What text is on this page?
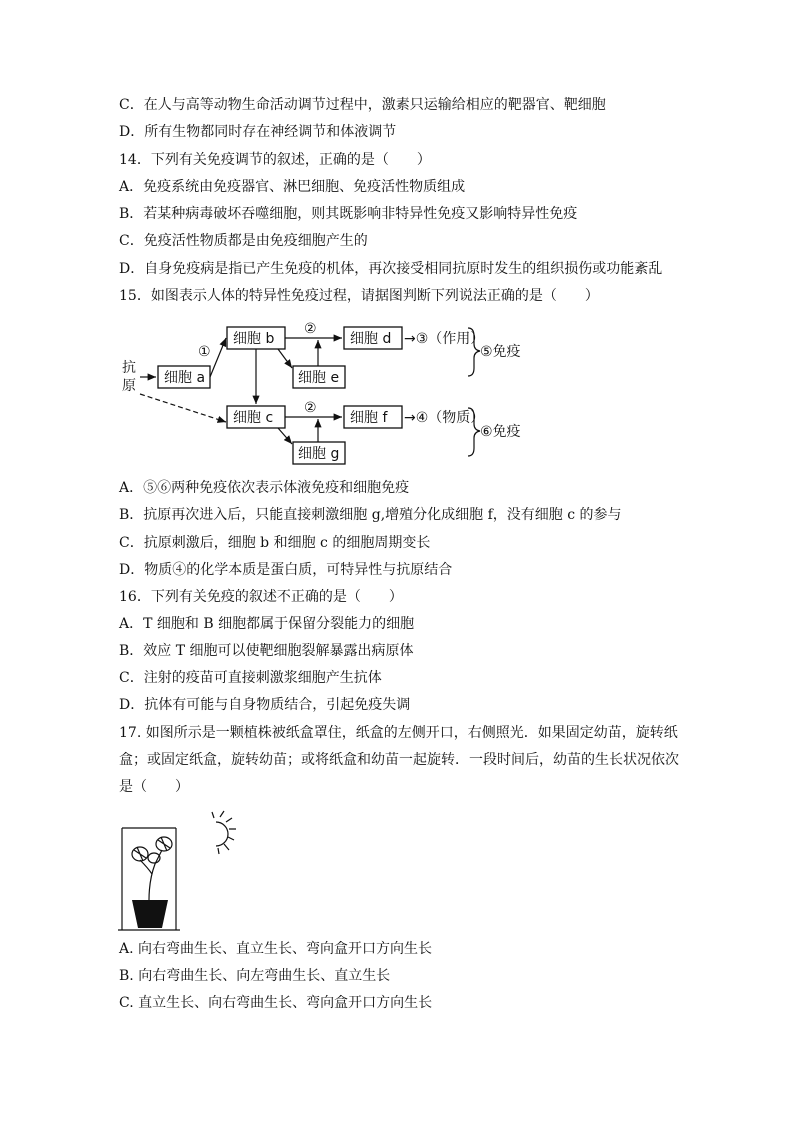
C．在人与高等动物生命活动调节过程中，激素只运输给相应的靶器官、靶细胞
D．所有生物都同时存在神经调节和体液调节
14．下列有关免疫调节的叙述，正确的是（　　）
A．免疫系统由免疫器官、淋巴细胞、免疫活性物质组成
B．若某种病毒破坏吞噬细胞，则其既影响非特异性免疫又影响特异性免疫
C．免疫活性物质都是由免疫细胞产生的
D．自身免疫病是指已产生免疫的机体，再次接受相同抗原时发生的组织损伤或功能紊乱
15．如图表示人体的特异性免疫过程，请据图判断下列说法正确的是（　　）
抗
原 细胞 a
①
细胞 b
②
细胞 e
细胞 d →③（作用）
细胞 c
②
细胞 g
细胞 f →④（物质）
⑤免疫
⑥免疫
A．⑤⑥两种免疫依次表示体液免疫和细胞免疫
B．抗原再次进入后，只能直接刺激细胞 g,增殖分化成细胞 f，没有细胞 c 的参与
C．抗原刺激后，细胞 b 和细胞 c 的细胞周期变长
D．物质④的化学本质是蛋白质，可特异性与抗原结合
16．下列有关免疫的叙述不正确的是（　　）
A．T 细胞和 B 细胞都属于保留分裂能力的细胞
B．效应 T 细胞可以使靶细胞裂解暴露出病原体
C．注射的疫苗可直接刺激浆细胞产生抗体
D．抗体有可能与自身物质结合，引起免疫失调
17. 如图所示是一颗植株被纸盒罩住，纸盒的左侧开口，右侧照光．如果固定幼苗，旋转纸
盒；或固定纸盒，旋转幼苗；或将纸盒和幼苗一起旋转．一段时间后，幼苗的生长状况依次
是（　　）
A. 向右弯曲生长、直立生长、弯向盒开口方向生长
B. 向右弯曲生长、向左弯曲生长、直立生长
C. 直立生长、向右弯曲生长、弯向盒开口方向生长
